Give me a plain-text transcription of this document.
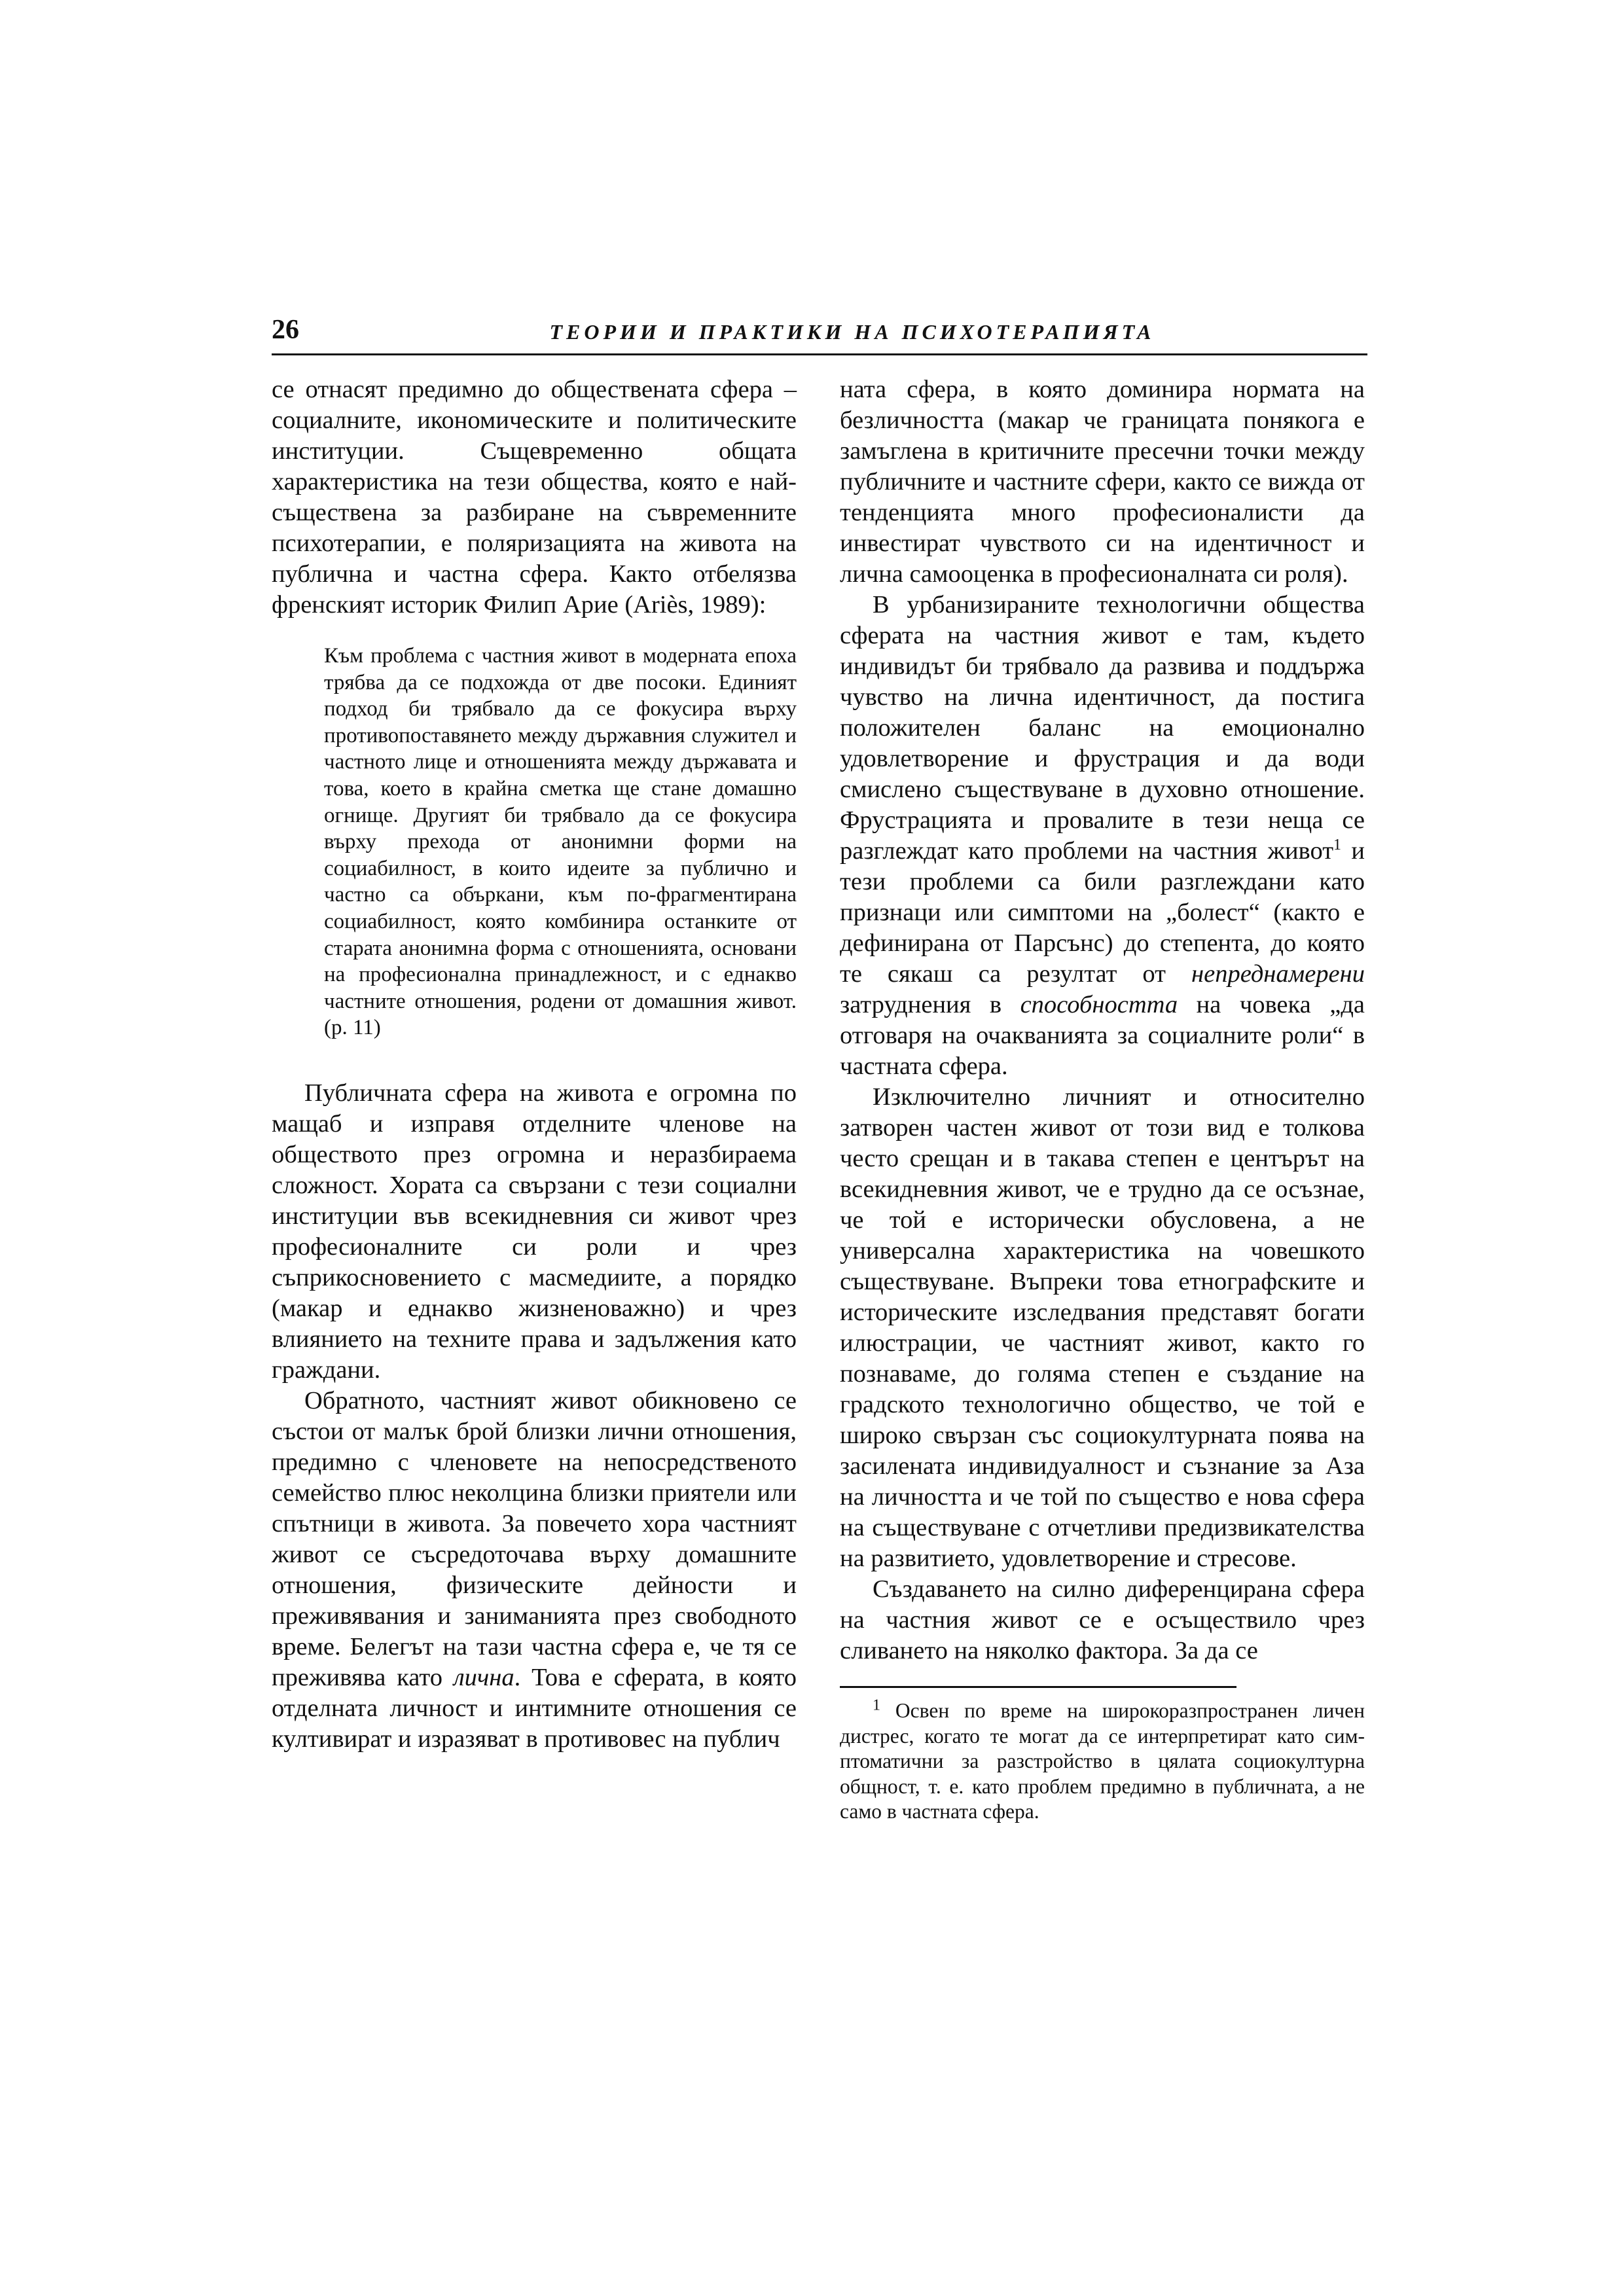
26	ТЕОРИИ И ПРАКТИКИ НА ПСИХОТЕРАПИЯТА

се отнасят предимно до обществената сфера – социалните, икономическите и политическите институции. Същевременно общата характеристика на тези общества, която е най-съществена за разбиране на съвременните психотерапии, е поляризацията на живота на публична и частна сфера. Както отбелязва френският историк Филип Арие (Ariès, 1989):

Към проблема с частния живот в модерната епоха трябва да се подхожда от две посоки. Единият подход би трябвало да се фокусира върху противопоставянето между държавния служител и частното лице и отношенията между държавата и това, което в крайна сметка ще стане домашно огнище. Другият би трябвало да се фокусира върху прехода от анонимни форми на социабилност, в които идеите за публично и частно са объркaни, към по-фрагментирана социабилност, която комбинира останките от старата анонимна форма с отношенията, основани на професионална принадлежност, и с еднакво частните отношения, родени от домашния живот. (p. 11)

Публичната сфера на живота е огромна по мащаб и изправя отделните членове на обществото през огромна и неразбираема сложност. Хората са свързани с тези социални институции във всекидневния си живот чрез професионалните си роли и чрез съприкосновението с масмедиите, а порядко (макар и еднакво жизненоважно) и чрез влиянието на техните права и задължения като граждани.

Обратното, частният живот обикновено се състои от малък брой близки лични отношения, предимно с членовете на непосредственото семейство плюс неколцина близки приятели или спътници в живота. За повечето хора частният живот се съсредоточава върху домашните отношения, физическите дейности и преживявания и заниманията през свободното време. Белегът на тази частна сфера е, че тя се преживява като лична. Това е сферата, в която отделната личност и интимните отношения се култивират и изразяват в противовес на публич

ната сфера, в която доминира нормата на безличността (макар че границата понякога е замъглена в критичните пресечни точки между публичните и частните сфери, както се вижда от тенденцията много професионалисти да инвестират чувството си на идентичност и лична самооценка в професионалната си роля).

В урбанизираните технологични общества сферата на частния живот е там, където индивидът би трябвало да развива и поддържа чувство на лична идентичност, да постига положителен баланс на емоционално удовлетворение и фрустрация и да води смислено съществуване в духовно отношение. Фрустрацията и провалите в тези неща се разглеждат като проблеми на частния живот$^1$ и тези проблеми са били разглеждани като признаци или симптоми на „болест“ (както е дефинирана от Парсънс) до степента, до която те сякаш са резултат от непреднамерени затруднения в способността на човека „да отговаря на очакванията за социалните роли“ в частната сфера.

Изключително личният и относително затворен частен живот от този вид е толкова често срещан и в такава степен е центърът на всекидневния живот, че е трудно да се осъзнае, че той е исторически обусловена, а не универсална характеристика на човешкото съществуване. Въпреки това етнографските и историческите изследвания представят богати илюстрации, че частният живот, както го познаваме, до голяма степен е създание на градското технологично общество, че той е широко свързан със социокултурната поява на засилената индивидуалност и съзнание за Аза на личността и че той по същество е нова сфера на съществуване с отчетливи предизвикателства на развитието, удовлетворение и стресове.

Създаването на силно диференцирана сфера на частния живот се е осъществило чрез сливането на няколко фактора. За да се

$^1$ Освен по време на широкоразпространен личен дистрес, когато те могат да се интерпретират като симптоматични за разстройство в цялата социокултурна общност, т. е. като проблем предимно в публичната, а не само в частната сфера.
